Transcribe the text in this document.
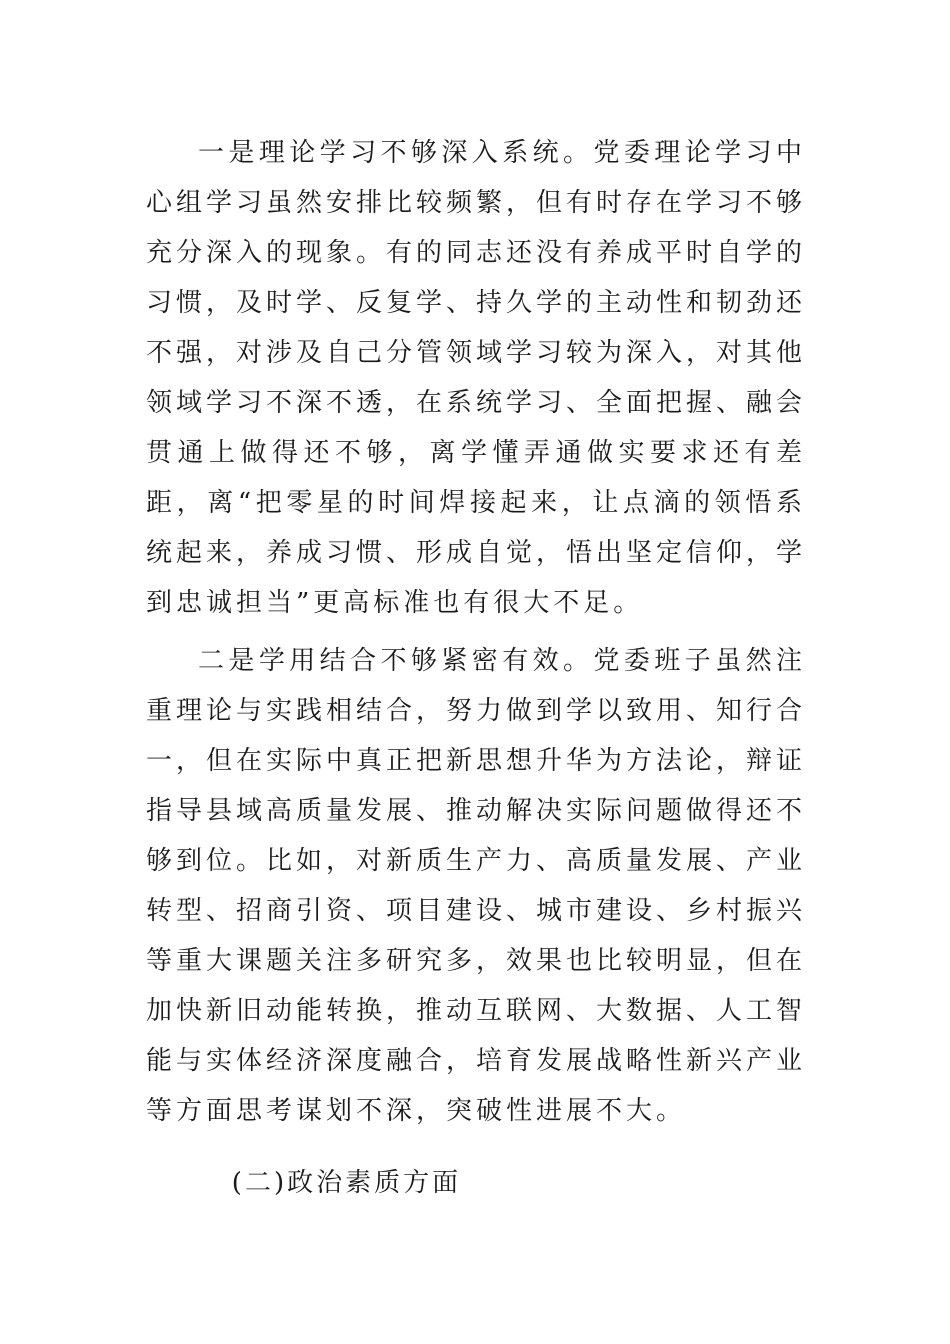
一是理论学习不够深入系统。党委理论学习中心组学习虽然安排比较频繁，但有时存在学习不够充分深入的现象。有的同志还没有养成平时自学的习惯，及时学、反复学、持久学的主动性和韧劲还不强，对涉及自己分管领域学习较为深入，对其他领域学习不深不透，在系统学习、全面把握、融会贯通上做得还不够，离学懂弄通做实要求还有差距，离“把零星的时间焊接起来，让点滴的领悟系统起来，养成习惯、形成自觉，悟出坚定信仰，学到忠诚担当”更高标准也有很大不足。

二是学用结合不够紧密有效。党委班子虽然注重理论与实践相结合，努力做到学以致用、知行合一，但在实际中真正把新思想升华为方法论，辩证指导县域高质量发展、推动解决实际问题做得还不够到位。比如，对新质生产力、高质量发展、产业转型、招商引资、项目建设、城市建设、乡村振兴等重大课题关注多研究多，效果也比较明显，但在加快新旧动能转换，推动互联网、大数据、人工智能与实体经济深度融合，培育发展战略性新兴产业等方面思考谋划不深，突破性进展不大。

(二)政治素质方面
